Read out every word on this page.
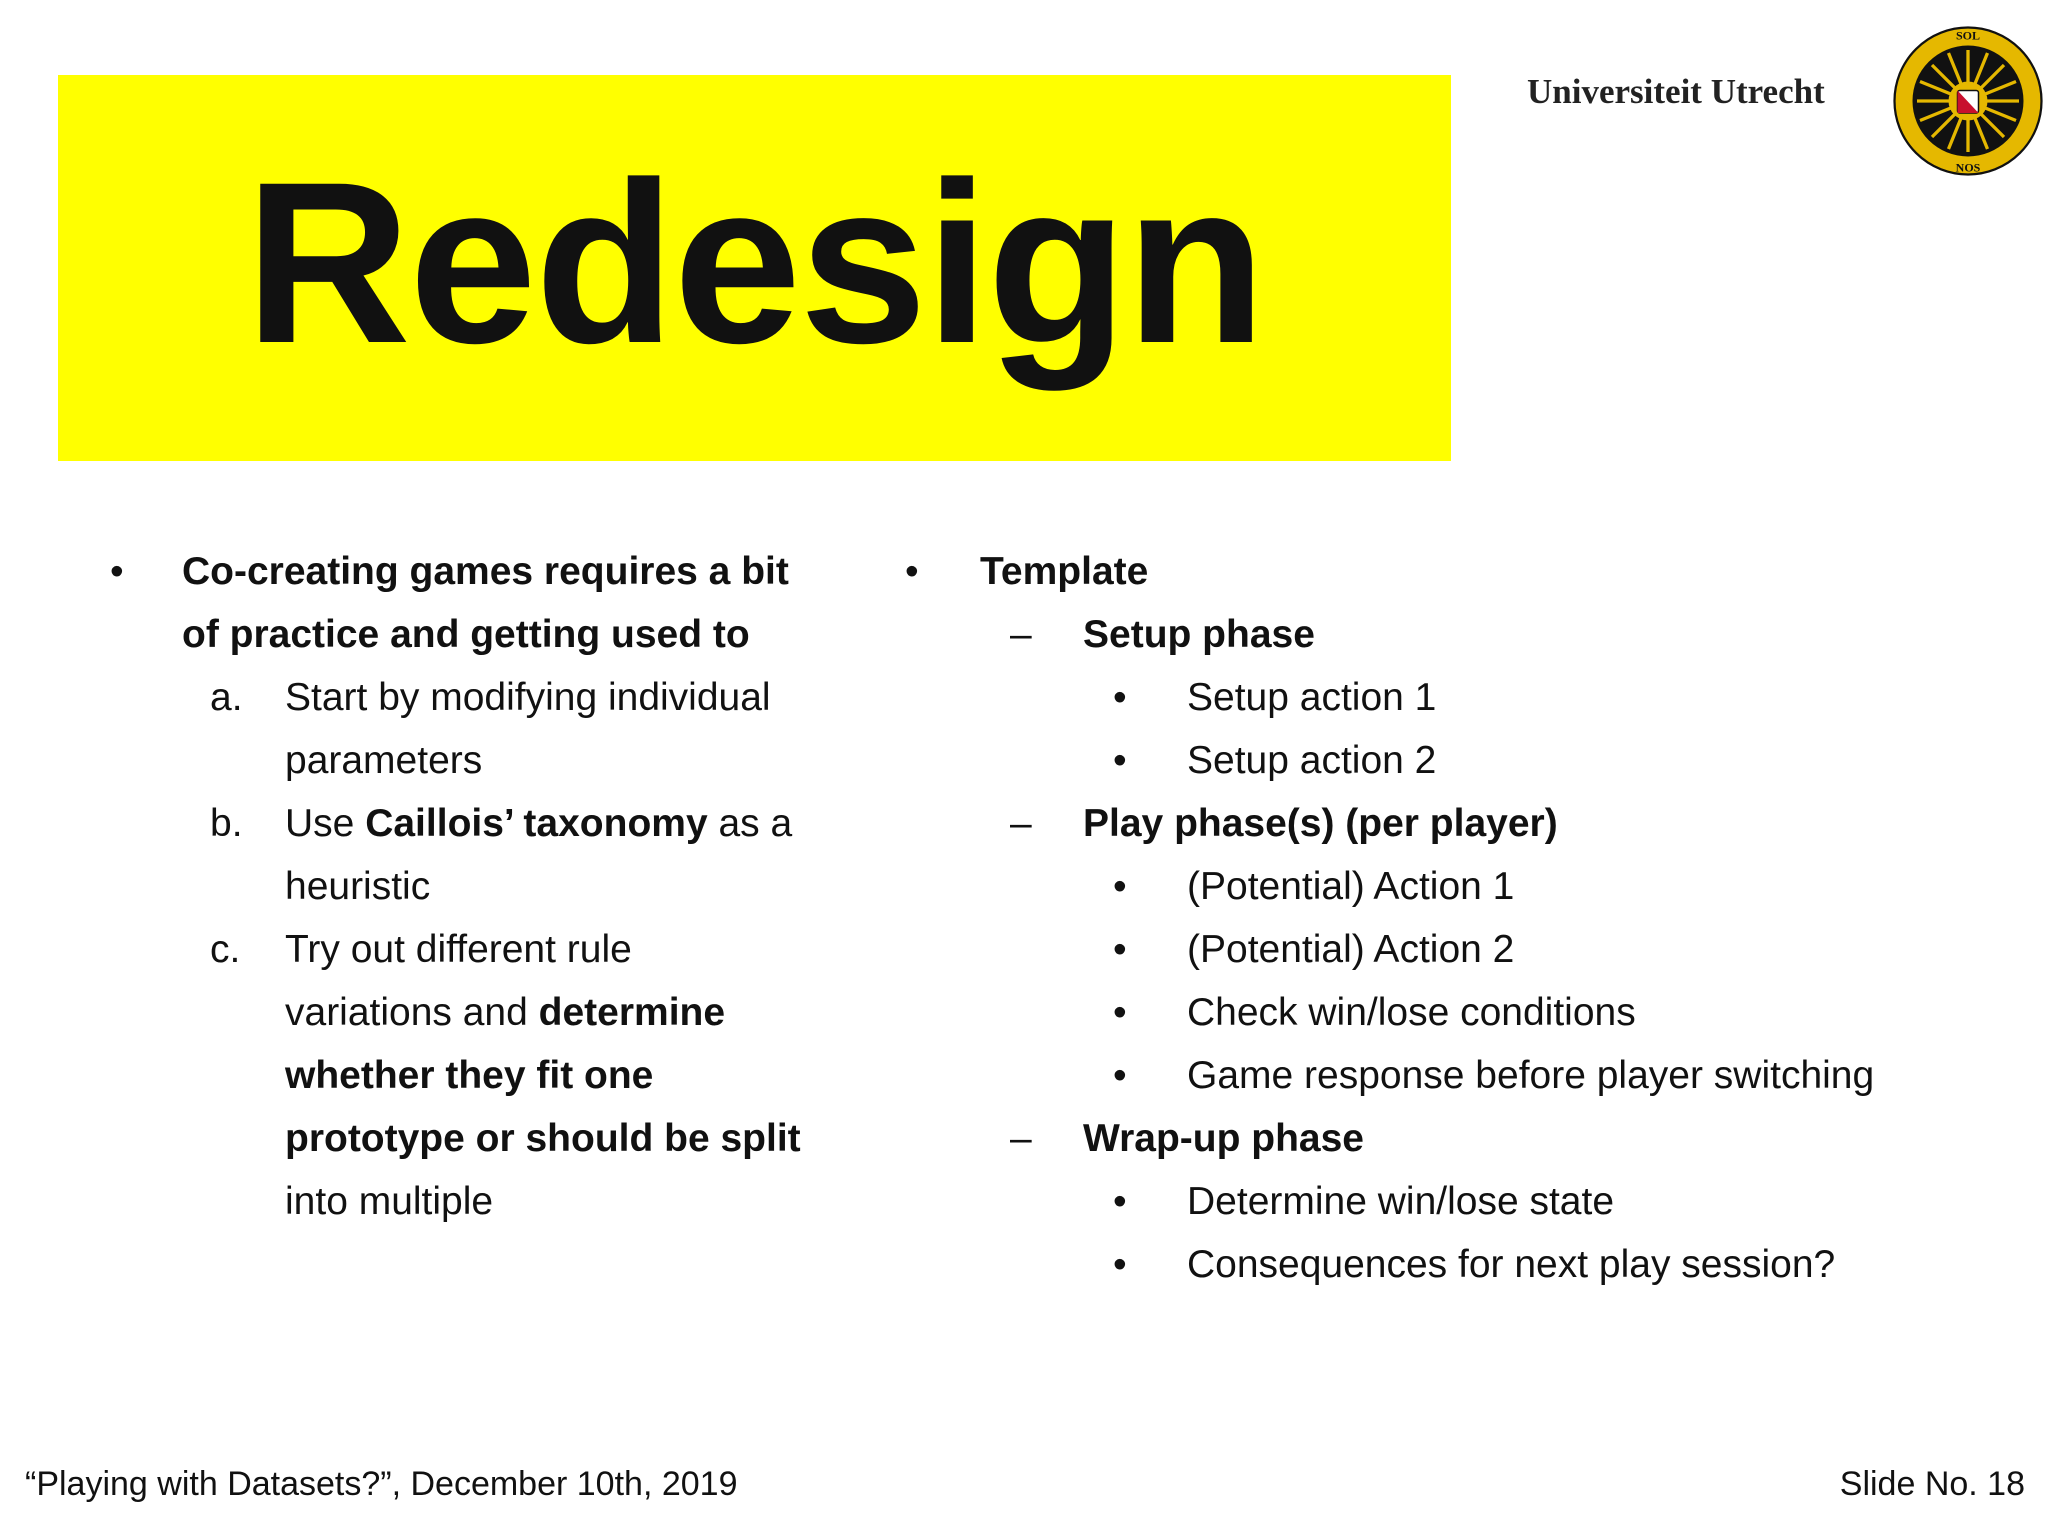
Redesign
Universiteit Utrecht
SOL
NOS
• Co-creating games requires a bit
of practice and getting used to
a. Start by modifying individual
parameters
b. Use Caillois’ taxonomy as a
heuristic
c. Try out different rule
variations and determine
whether they fit one
prototype or should be split
into multiple
• Template
– Setup phase
• Setup action 1
• Setup action 2
– Play phase(s) (per player)
• (Potential) Action 1
• (Potential) Action 2
• Check win/lose conditions
• Game response before player switching
– Wrap-up phase
• Determine win/lose state
• Consequences for next play session?
“Playing with Datasets?”, December 10th, 2019	Slide No. 18
